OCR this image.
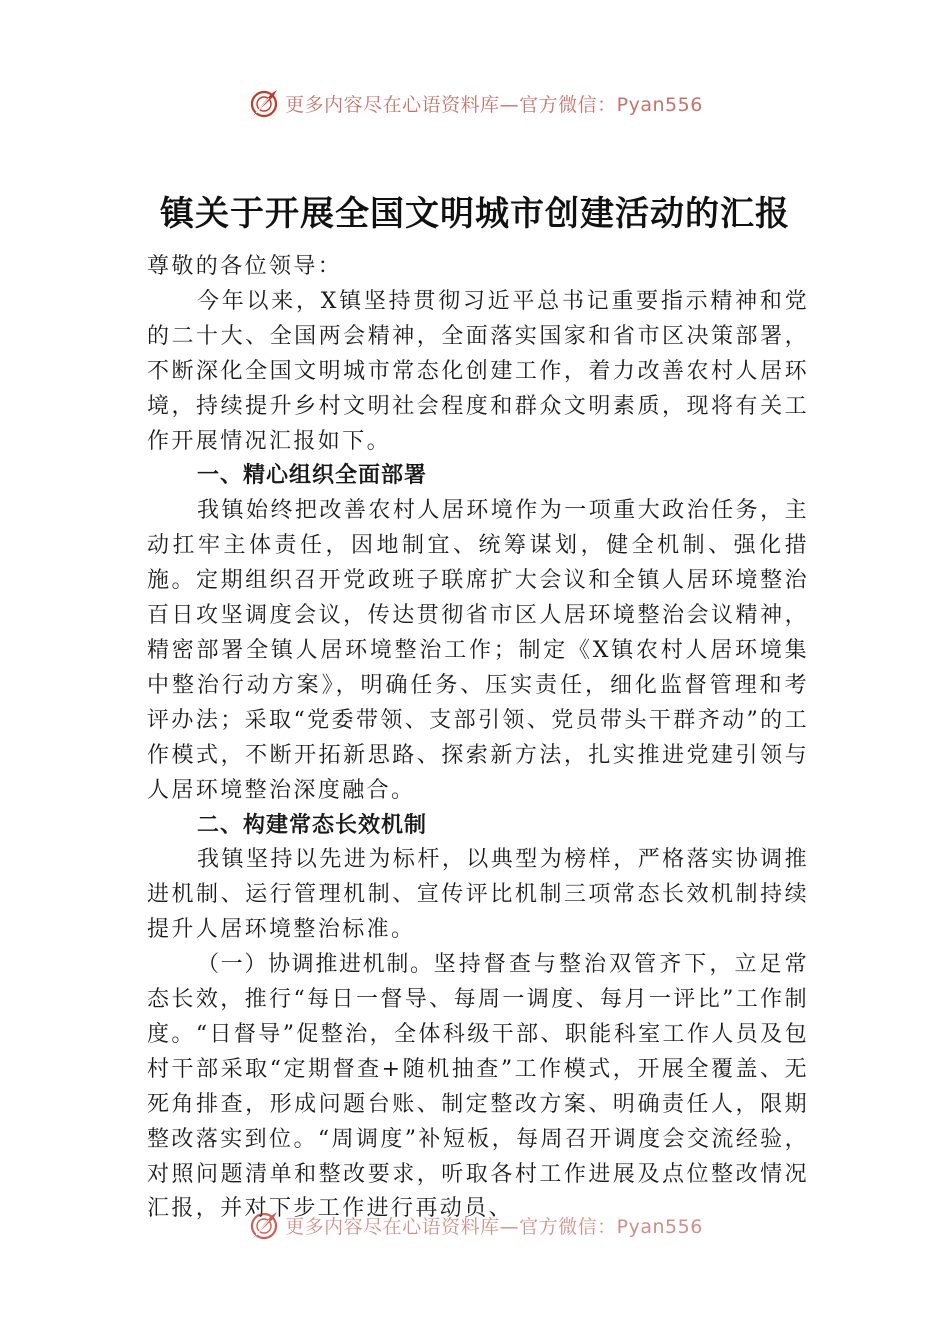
更多内容尽在心语资料库—官方微信：Pyan556
镇关于开展全国文明城市创建活动的汇报

尊敬的各位领导：

今年以来，X镇坚持贯彻习近平总书记重要指示精神和党的二十大、全国两会精神，全面落实国家和省市区决策部署，不断深化全国文明城市常态化创建工作，着力改善农村人居环境，持续提升乡村文明社会程度和群众文明素质，现将有关工作开展情况汇报如下。

一、精心组织全面部署

我镇始终把改善农村人居环境作为一项重大政治任务，主动扛牢主体责任，因地制宜、统筹谋划，健全机制、强化措施。定期组织召开党政班子联席扩大会议和全镇人居环境整治百日攻坚调度会议，传达贯彻省市区人居环境整治会议精神，精密部署全镇人居环境整治工作；制定《X镇农村人居环境集中整治行动方案》，明确任务、压实责任，细化监督管理和考评办法；采取“党委带领、支部引领、党员带头干群齐动”的工作模式，不断开拓新思路、探索新方法，扎实推进党建引领与人居环境整治深度融合。

二、构建常态长效机制

我镇坚持以先进为标杆，以典型为榜样，严格落实协调推进机制、运行管理机制、宣传评比机制三项常态长效机制持续提升人居环境整治标准。

（一）协调推进机制。坚持督查与整治双管齐下，立足常态长效，推行“每日一督导、每周一调度、每月一评比”工作制度。“日督导”促整治，全体科级干部、职能科室工作人员及包村干部采取“定期督查+随机抽查”工作模式，开展全覆盖、无死角排查，形成问题台账、制定整改方案、明确责任人，限期整改落实到位。“周调度”补短板，每周召开调度会交流经验，对照问题清单和整改要求，听取各村工作进展及点位整改情况汇报，并对下步工作进行再动员、

更多内容尽在心语资料库—官方微信：Pyan556
